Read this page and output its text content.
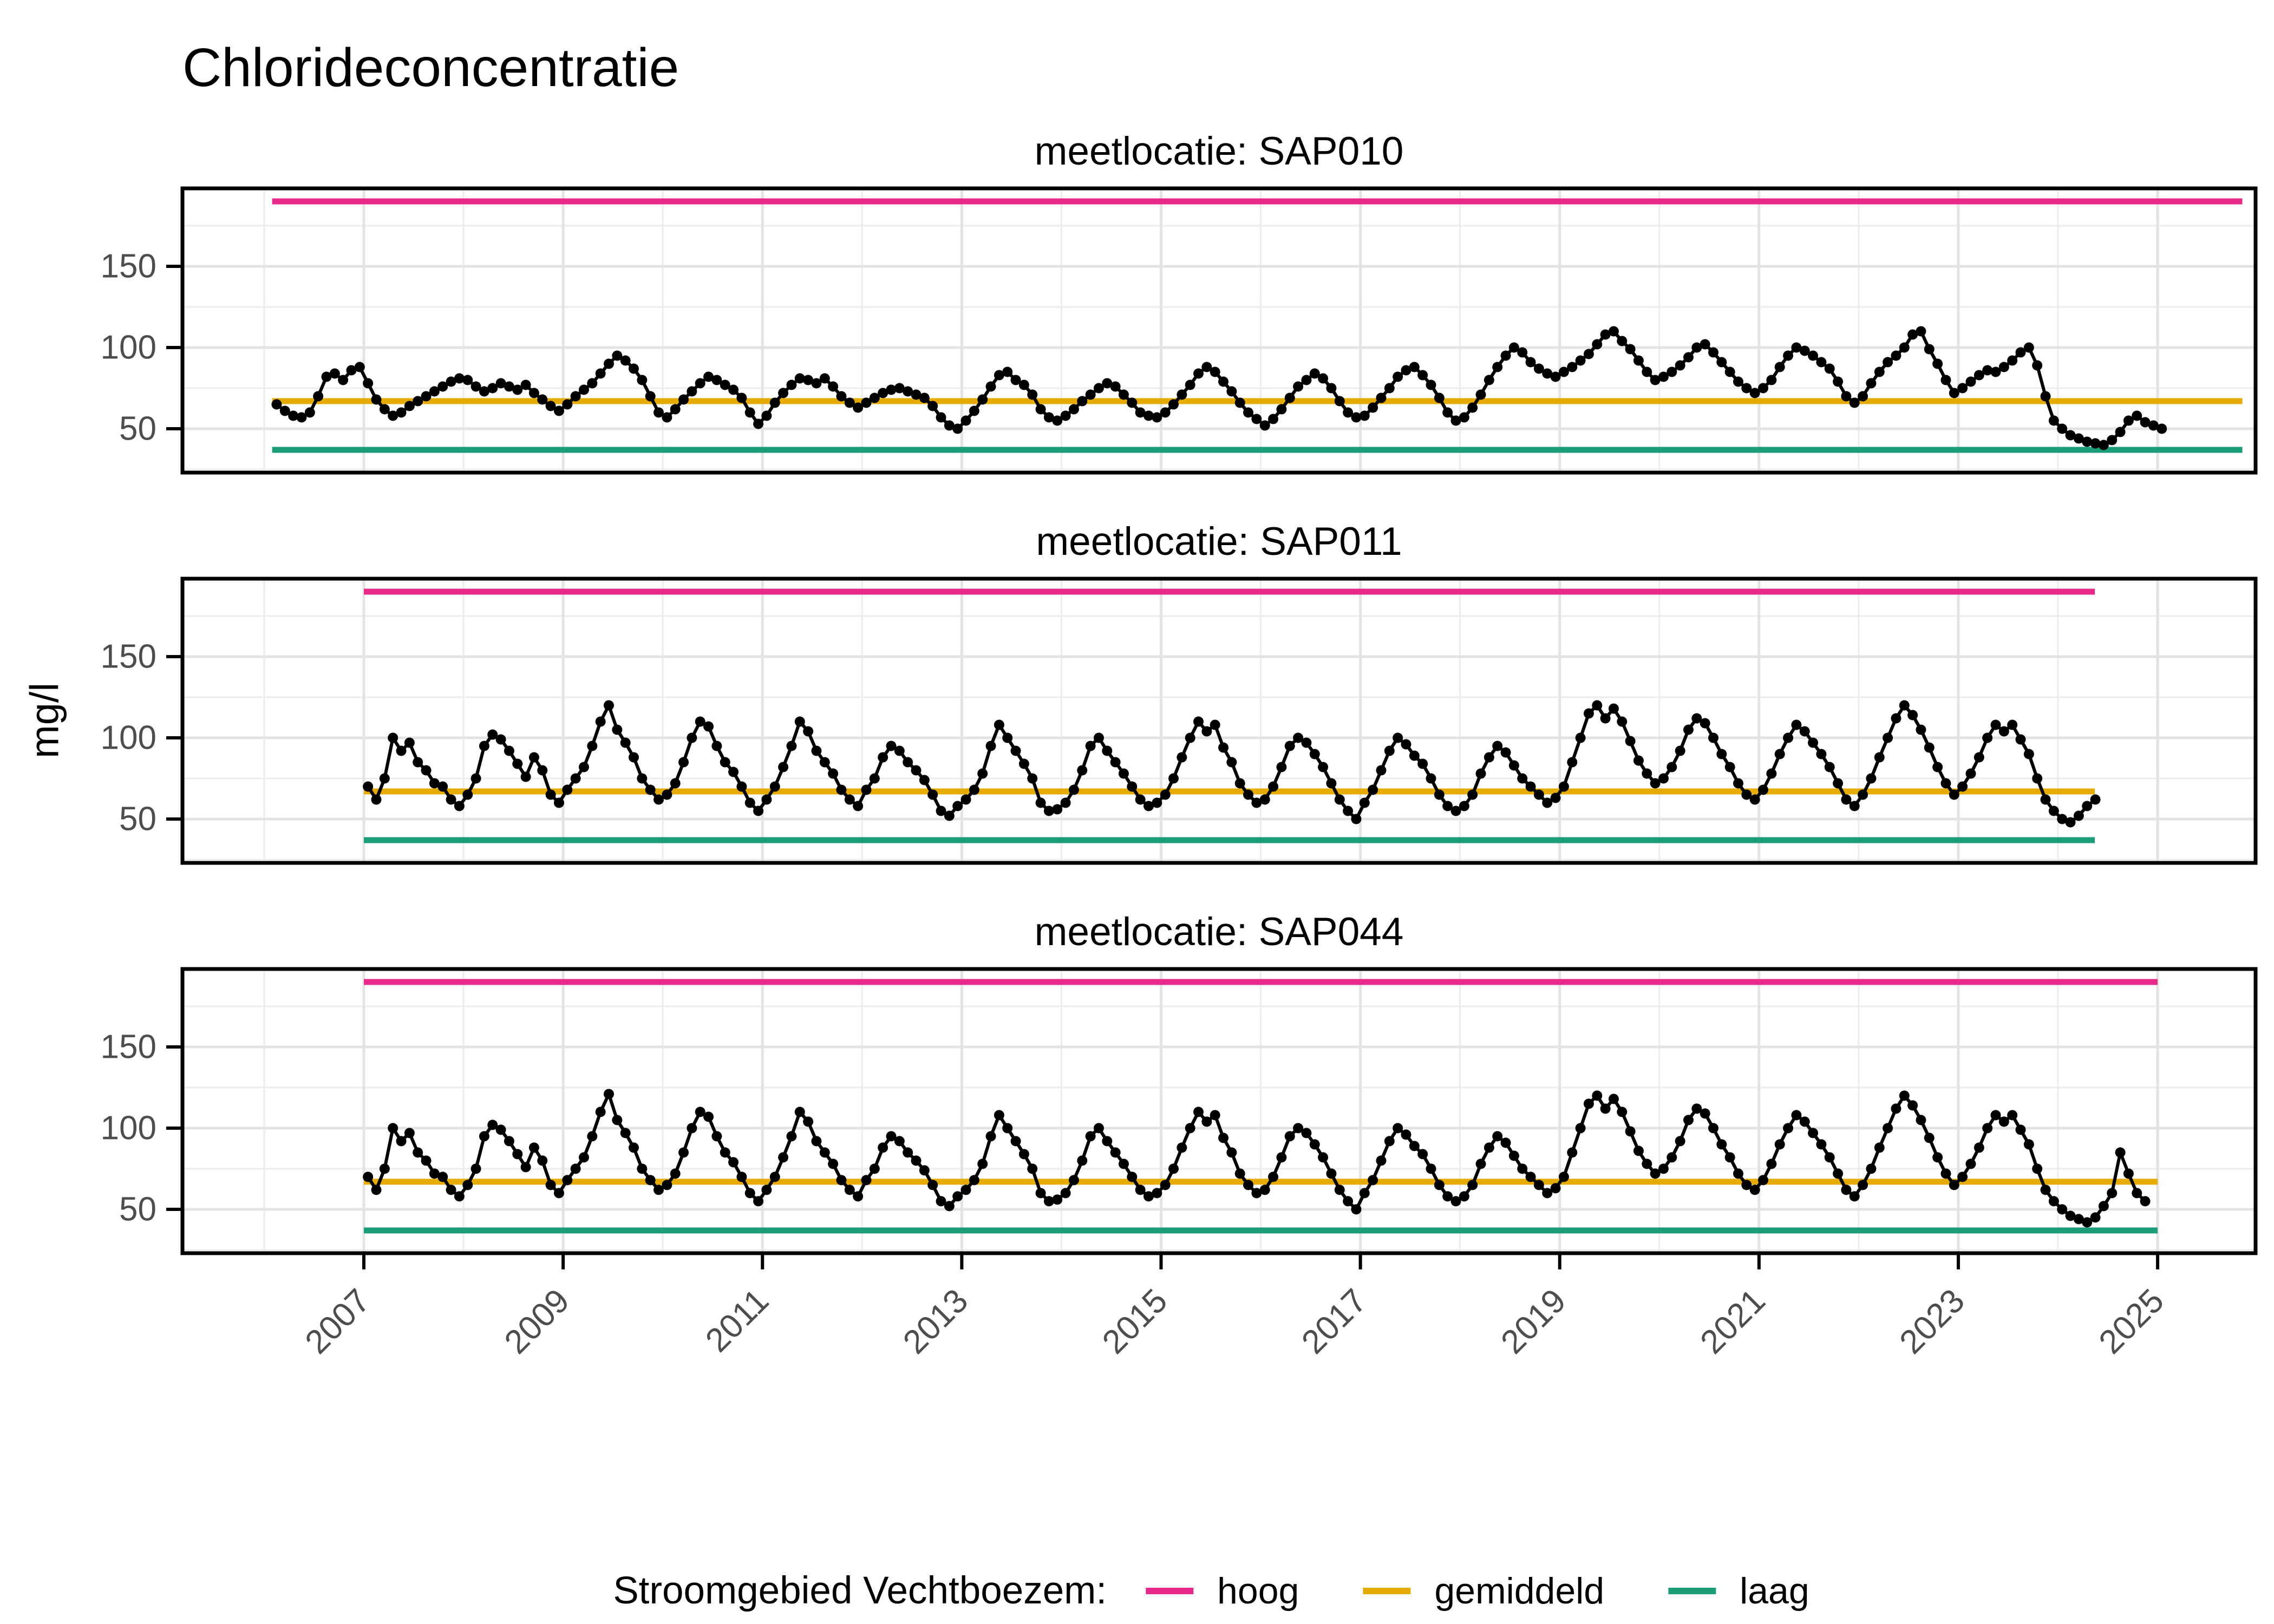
Chlorideconcentratie
meetlocatie: SAP010
meetlocatie: SAP011
meetlocatie: SAP044
mg/l
50
100
150
50
100
150
50
100
150
2007	2009	2011	2013	2015	2017	2019	2021	2023	2025
Stroomgebied Vechtboezem:	hoog	gemiddeld	laag
